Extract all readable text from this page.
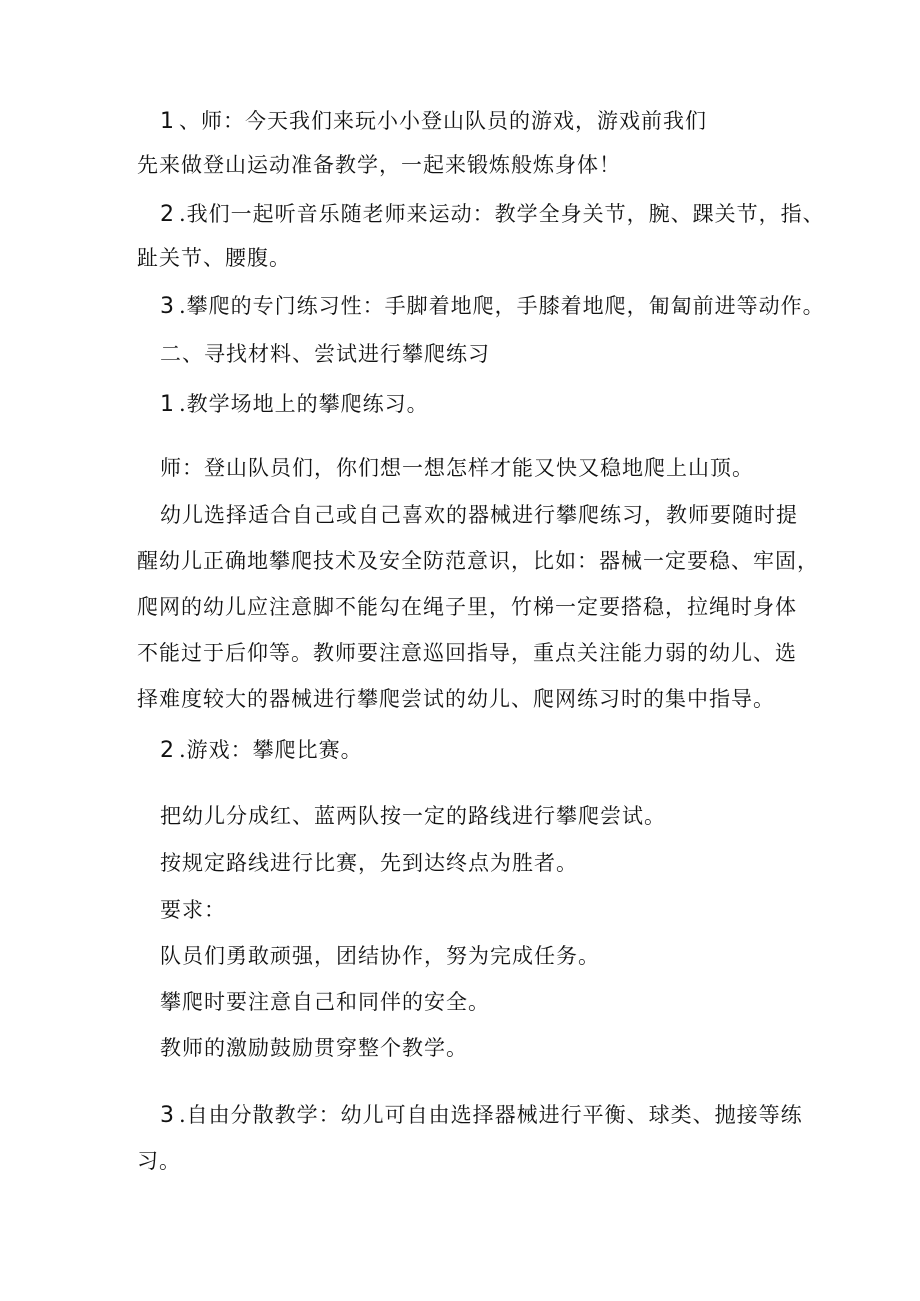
1 、师：今天我们来玩小小登山队员的游戏，游戏前我们
先来做登山运动准备教学，一起来锻炼般炼身体！
2 .我们一起听音乐随老师来运动：教学全身关节，腕、踝关节，指、
趾关节、腰腹。
3 .攀爬的专门练习性：手脚着地爬，手膝着地爬，匍匐前进等动作。
二、寻找材料、尝试进行攀爬练习
1 .教学场地上的攀爬练习。
师：登山队员们，你们想一想怎样才能又快又稳地爬上山顶。
幼儿选择适合自己或自己喜欢的器械进行攀爬练习，教师要随时提
醒幼儿正确地攀爬技术及安全防范意识，比如：器械一定要稳、牢固，
爬网的幼儿应注意脚不能勾在绳子里，竹梯一定要搭稳，拉绳时身体
不能过于后仰等。教师要注意巡回指导，重点关注能力弱的幼儿、选
择难度较大的器械进行攀爬尝试的幼儿、爬网练习时的集中指导。
2 .游戏：攀爬比赛。
把幼儿分成红、蓝两队按一定的路线进行攀爬尝试。
按规定路线进行比赛，先到达终点为胜者。
要求：
队员们勇敢顽强，团结协作，努为完成任务。
攀爬时要注意自己和同伴的安全。
教师的激励鼓励贯穿整个教学。
3 .自由分散教学：幼儿可自由选择器械进行平衡、球类、抛接等练
习。
